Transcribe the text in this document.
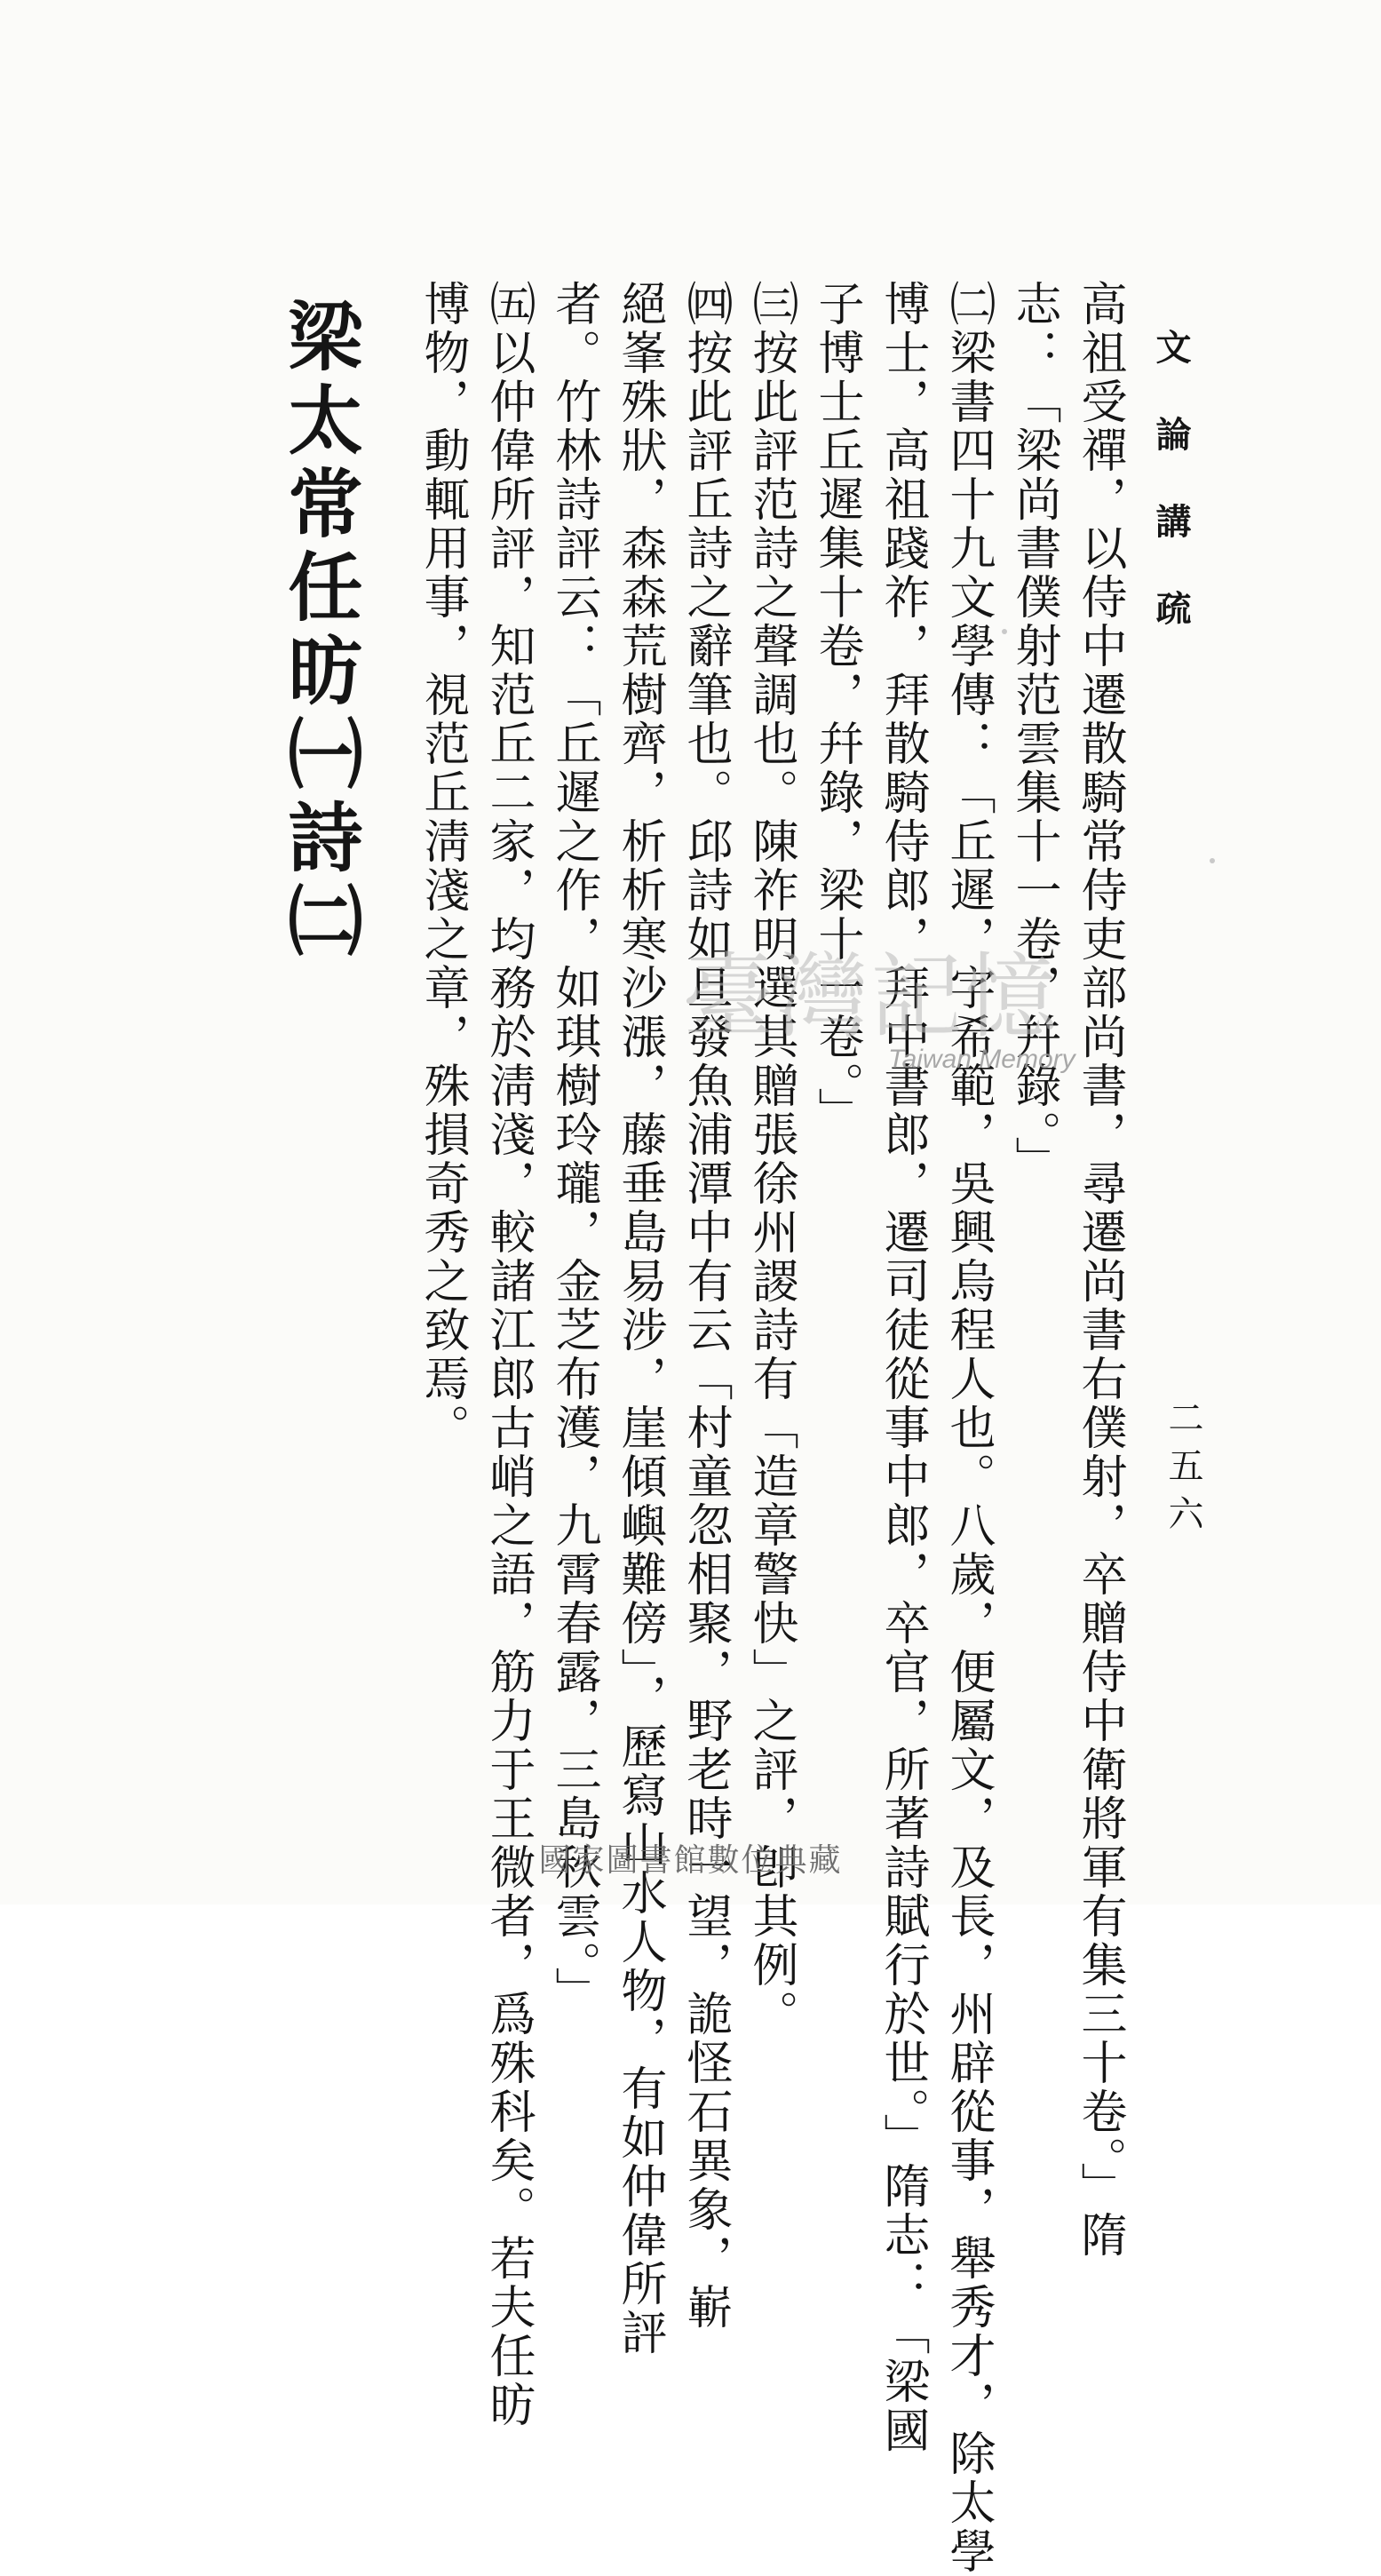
文論講疏
二五六
高祖受禪，以侍中遷散騎常侍吏部尚書，尋遷尚書右僕射，卒贈侍中衛將軍有集三十卷。」隋
志：「梁尚書僕射范雲集十一卷，幷錄。」
㈡梁書四十九文學傳：「丘遲，字希範，吳興烏程人也。八歲，便屬文，及長，州辟從事，舉秀才，除太學
博士，高祖踐祚，拜散騎侍郎，拜中書郎，遷司徒從事中郎，卒官，所著詩賦行於世。」隋志：「梁國
子博士丘遲集十卷，幷錄，梁十一卷。」
㈢按此評范詩之聲調也。陳祚明選其贈張徐州謖詩有「造章警快」之評，卽其例。
㈣按此評丘詩之辭筆也。邱詩如旦發魚浦潭中有云「村童忽相聚，野老時一望，詭怪石異象，嶄
絕峯殊狀，森森荒樹齊，析析寒沙漲，藤垂島易涉，崖傾嶼難傍」，歷寫山水人物，有如仲偉所評
者。竹林詩評云：「丘遲之作，如琪樹玲瓏，金芝布濩，九霄春露，三島秋雲。」
㈤以仲偉所評，知范丘二家，均務於淸淺，較諸江郎古峭之語，筋力于王微者，爲殊科矣。若夫任昉
博物，動輒用事，視范丘淸淺之章，殊損奇秀之致焉。
梁太常任昉㈠詩㈡
臺灣記憶
Taiwan Memory
國家圖書館數位典藏
